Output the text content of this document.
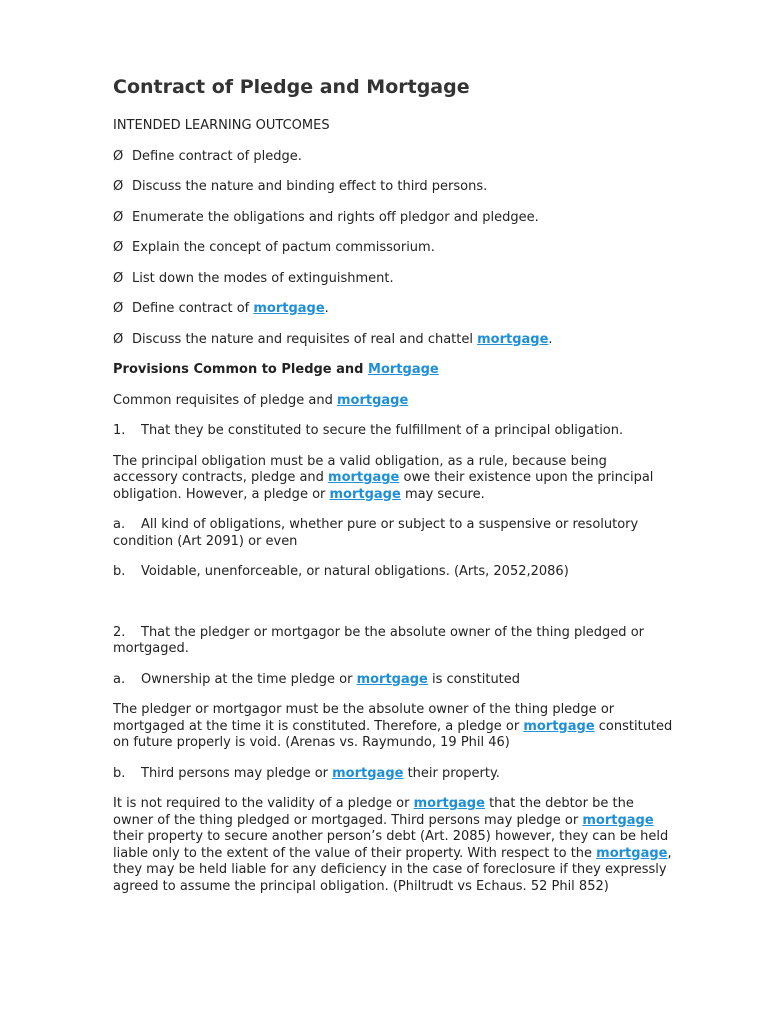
Contract of Pledge and Mortgage

INTENDED LEARNING OUTCOMES

Ø Define contract of pledge.

Ø Discuss the nature and binding effect to third persons.

Ø Enumerate the obligations and rights off pledgor and pledgee.

Ø Explain the concept of pactum commissorium.

Ø List down the modes of extinguishment.

Ø Define contract of mortgage.

Ø Discuss the nature and requisites of real and chattel mortgage.

Provisions Common to Pledge and Mortgage

Common requisites of pledge and mortgage

1. That they be constituted to secure the fulfillment of a principal obligation.

The principal obligation must be a valid obligation, as a rule, because being accessory contracts, pledge and mortgage owe their existence upon the principal obligation. However, a pledge or mortgage may secure.

a. All kind of obligations, whether pure or subject to a suspensive or resolutory condition (Art 2091) or even

b. Voidable, unenforceable, or natural obligations. (Arts, 2052,2086)

2. That the pledger or mortgagor be the absolute owner of the thing pledged or mortgaged.

a. Ownership at the time pledge or mortgage is constituted

The pledger or mortgagor must be the absolute owner of the thing pledge or mortgaged at the time it is constituted. Therefore, a pledge or mortgage constituted on future properly is void. (Arenas vs. Raymundo, 19 Phil 46)

b. Third persons may pledge or mortgage their property.

It is not required to the validity of a pledge or mortgage that the debtor be the owner of the thing pledged or mortgaged. Third persons may pledge or mortgage their property to secure another person’s debt (Art. 2085) however, they can be held liable only to the extent of the value of their property. With respect to the mortgage, they may be held liable for any deficiency in the case of foreclosure if they expressly agreed to assume the principal obligation. (Philtrudt vs Echaus. 52 Phil 852)
